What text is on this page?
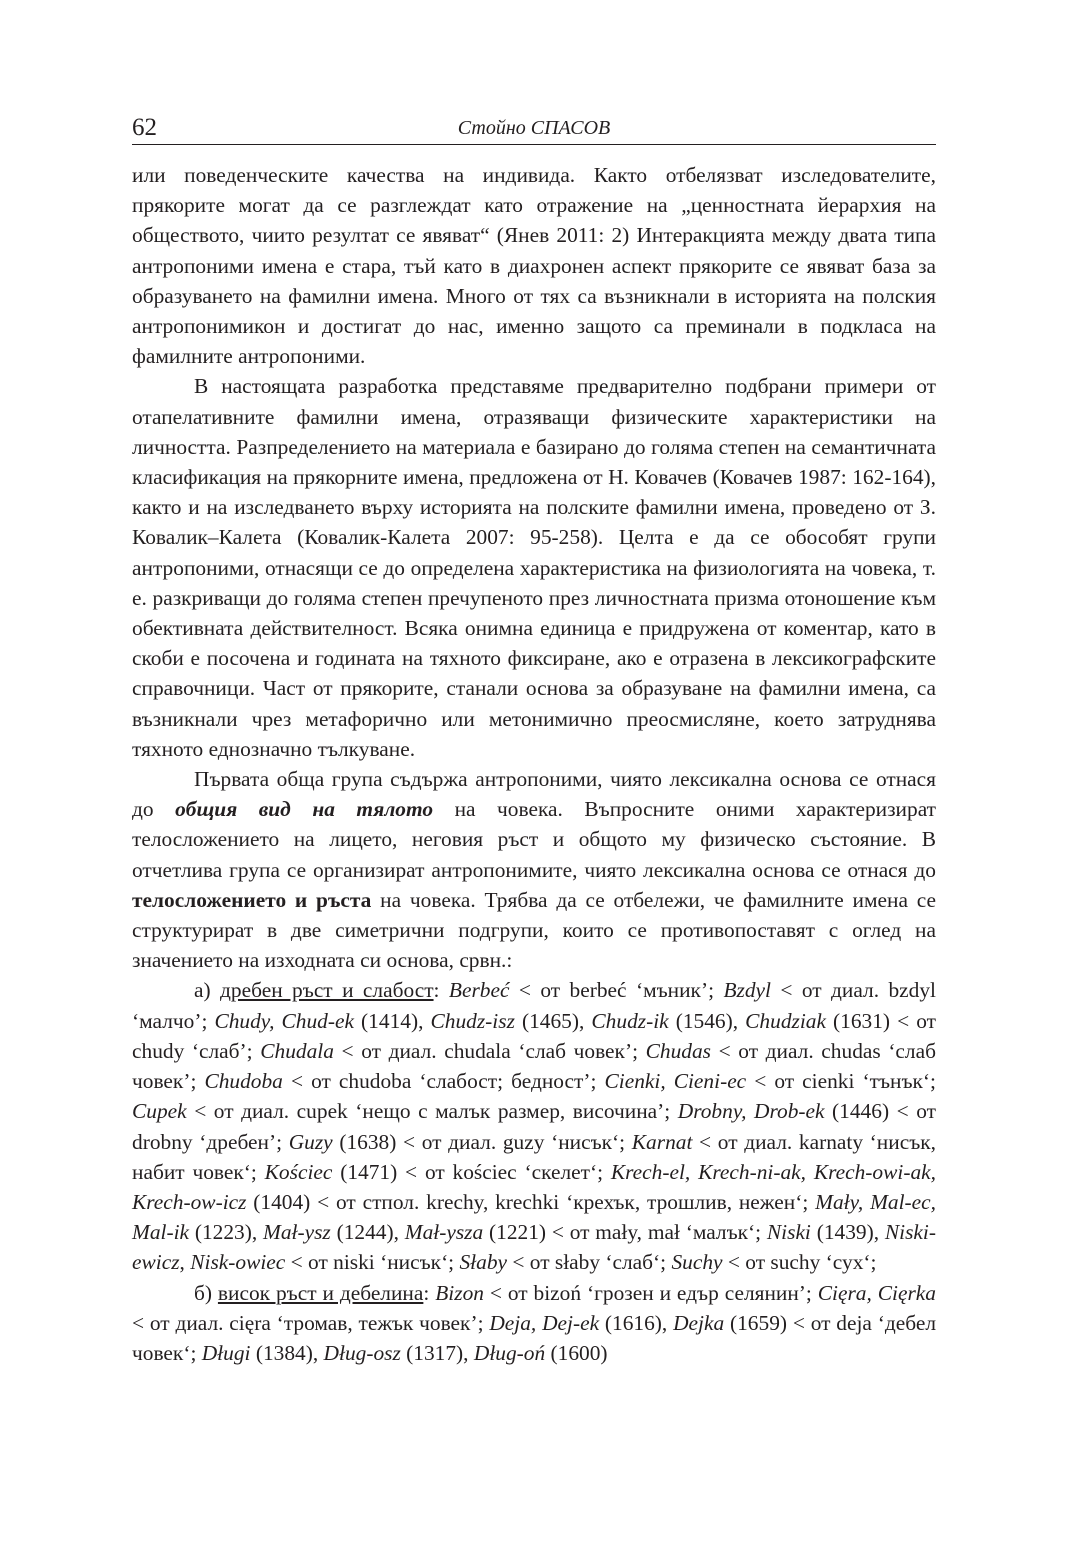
62	Стойно СПАСОВ

или поведенческите качества на индивида. Както отбелязват изследователите, прякорите могат да се разглеждат като отражение на „ценностната йерархия на обществото, чиито резултат се явяват“ (Янев 2011: 2) Интеракцията между двата типа антропоними имена е стара, тъй като в диахронен аспект прякорите се явяват база за образуването на фамилни имена. Много от тях са възникнали в историята на полския антропонимикон и достигат до нас, именно защото са преминали в подкласа на фамилните антропоними.

В настоящата разработка представяме предварително подбрани примери от отапелативните фамилни имена, отразяващи физическите характеристики на личността. Разпределението на материала е базирано до голяма степен на семантичната класификация на прякорните имена, предложена от Н. Ковачев (Ковачев 1987: 162-164), както и на изследването върху историята на полските фамилни имена, проведено от З. Ковалик–Калета (Ковалик-Калета 2007: 95-258). Целта е да се обособят групи антропоними, отнасящи се до определена характеристика на физиологията на човека, т. е. разкриващи до голяма степен пречупеното през личностната призма отоношение към обективната действителност. Всяка онимна единица е придружена от коментар, като в скоби е посочена и годината на тяхното фиксиране, ако е отразена в лексикографските справочници. Част от прякорите, станали основа за образуване на фамилни имена, са възникнали чрез метафорично или метонимично преосмисляне, което затруднява тяхното еднозначно тълкуване.

Първата обща група съдържа антропоними, чиято лексикална основа се отнася до общия вид на тялото на човека. Въпросните оними характеризират телосложението на лицето, неговия ръст и общото му физическо състояние. В отчетлива група се организират антропонимите, чиято лексикална основа се отнася до телосложението и ръста на човека. Трябва да се отбележи, че фамилните имена се структурират в две симетрични подгрупи, които се противопоставят с оглед на значението на изходната си основа, срвн.:

а) дребен ръст и слабост: Berbeć < от berbeć ‘мъник’; Bzdyl < от диал. bzdyl ‘малчо’; Chudy, Chud-ek (1414), Chudz-isz (1465), Chudz-ik (1546), Chudziak (1631) < от chudy ‘слаб’; Chudala < от диал. chudala ‘слаб човек’; Chudas < от диал. chudas ‘слаб човек’; Chudoba < от chudoba ‘слабост; бедност’; Cienki, Cieni-ec < от cienki ‘тънък‘; Cupek < от диал. cupek ‘нещо с малък размер, височина’; Drobny, Drob-ek (1446) < от drobny ‘дребен’; Guzy (1638) < от диал. guzy ‘нисък‘; Karnat < от диал. karnaty ‘нисък, набит човек‘; Kościec (1471) < от kościec ‘скелет‘; Krech-el, Krech-ni-ak, Krech-owi-ak, Krech-ow-icz (1404) < от стпол. krechy, krechki ‘крехък, трошлив, нежен‘; Mały, Mal-ec, Mal-ik (1223), Mał-ysz (1244), Mał-ysza (1221) < от mały, mał ‘малък‘; Niski (1439), Niski-ewicz, Nisk-owiec < от niski ‘нисък‘; Słaby < от słaby ‘слаб‘; Suchy < от suchy ‘сух‘;

б) висок ръст и дебелина: Bizon < от bizoń ‘грозен и едър селянин’; Cięra, Cięrka < от диал. cięra ‘тромав, тежък човек’; Deja, Dej-ek (1616), Dejka (1659) < от deja ‘дебел човек‘; Długi (1384), Dług-osz (1317), Dług-oń (1600)
